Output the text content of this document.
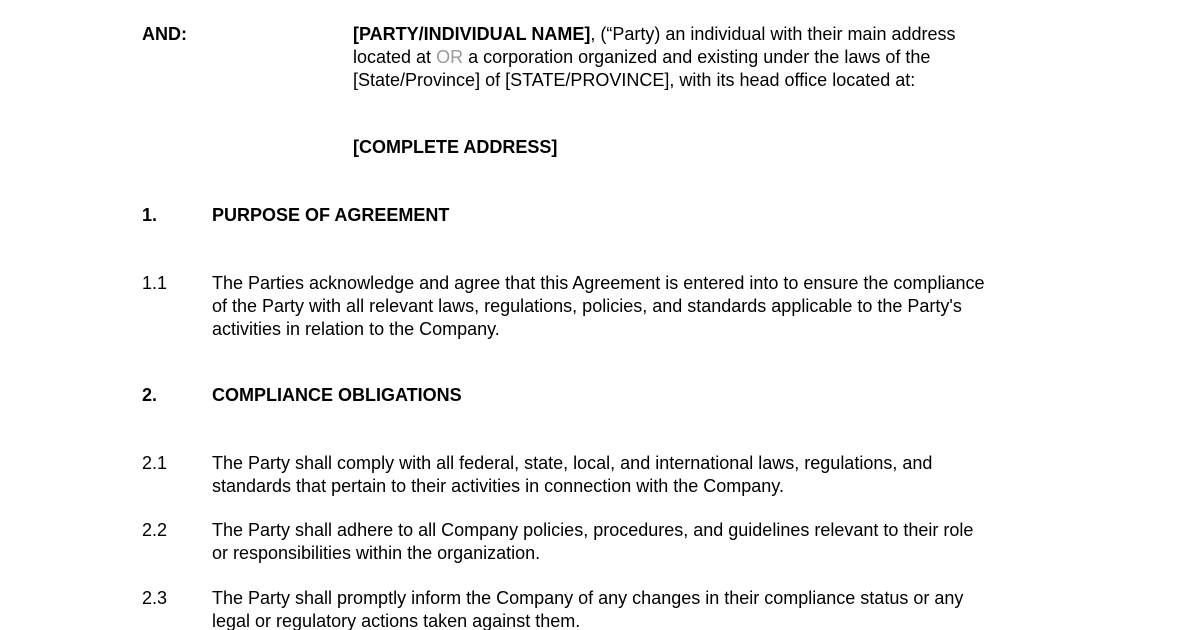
AND:	[PARTY/INDIVIDUAL NAME], (“Party) an individual with their main address
located at OR a corporation organized and existing under the laws of the
[State/Province] of [STATE/PROVINCE], with its head office located at:
[COMPLETE ADDRESS]
1.	PURPOSE OF AGREEMENT
1.1 The Parties acknowledge and agree that this Agreement is entered into to ensure the compliance
of the Party with all relevant laws, regulations, policies, and standards applicable to the Party's
activities in relation to the Company.
2.	COMPLIANCE OBLIGATIONS
2.1 The Party shall comply with all federal, state, local, and international laws, regulations, and
standards that pertain to their activities in connection with the Company.
2.2 The Party shall adhere to all Company policies, procedures, and guidelines relevant to their role
or responsibilities within the organization.
2.3 The Party shall promptly inform the Company of any changes in their compliance status or any
legal or regulatory actions taken against them.
